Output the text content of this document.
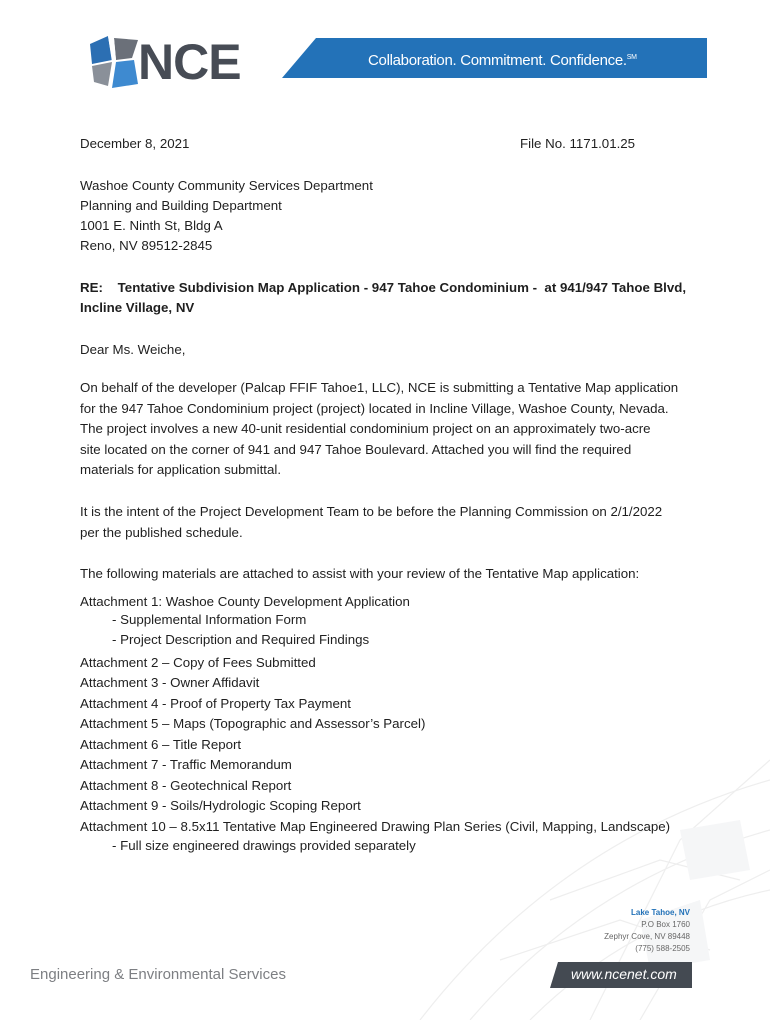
NCE	Collaboration. Commitment. Confidence.℠
December 8, 2021	File No. 1171.01.25
Washoe County Community Services Department
Planning and Building Department
1001 E. Ninth St, Bldg A
Reno, NV 89512-2845
RE:    Tentative Subdivision Map Application - 947 Tahoe Condominium -  at 941/947 Tahoe Blvd,
Incline Village, NV
Dear Ms. Weiche,
On behalf of the developer (Palcap FFIF Tahoe1, LLC), NCE is submitting a Tentative Map application
for the 947 Tahoe Condominium project (project) located in Incline Village, Washoe County, Nevada.
The project involves a new 40-unit residential condominium project on an approximately two-acre
site located on the corner of 941 and 947 Tahoe Boulevard. Attached you will find the required
materials for application submittal.
It is the intent of the Project Development Team to be before the Planning Commission on 2/1/2022
per the published schedule.
The following materials are attached to assist with your review of the Tentative Map application:
Attachment 1: Washoe County Development Application
- Supplemental Information Form
- Project Description and Required Findings
Attachment 2 – Copy of Fees Submitted
Attachment 3 - Owner Affidavit
Attachment 4 - Proof of Property Tax Payment
Attachment 5 – Maps (Topographic and Assessor’s Parcel)
Attachment 6 – Title Report
Attachment 7 - Traffic Memorandum
Attachment 8 - Geotechnical Report
Attachment 9 - Soils/Hydrologic Scoping Report
Attachment 10 – 8.5x11 Tentative Map Engineered Drawing Plan Series (Civil, Mapping, Landscape)
- Full size engineered drawings provided separately
Lake Tahoe, NV
P.O Box 1760
Zephyr Cove, NV 89448
(775) 588-2505
Engineering & Environmental Services	www.ncenet.com
